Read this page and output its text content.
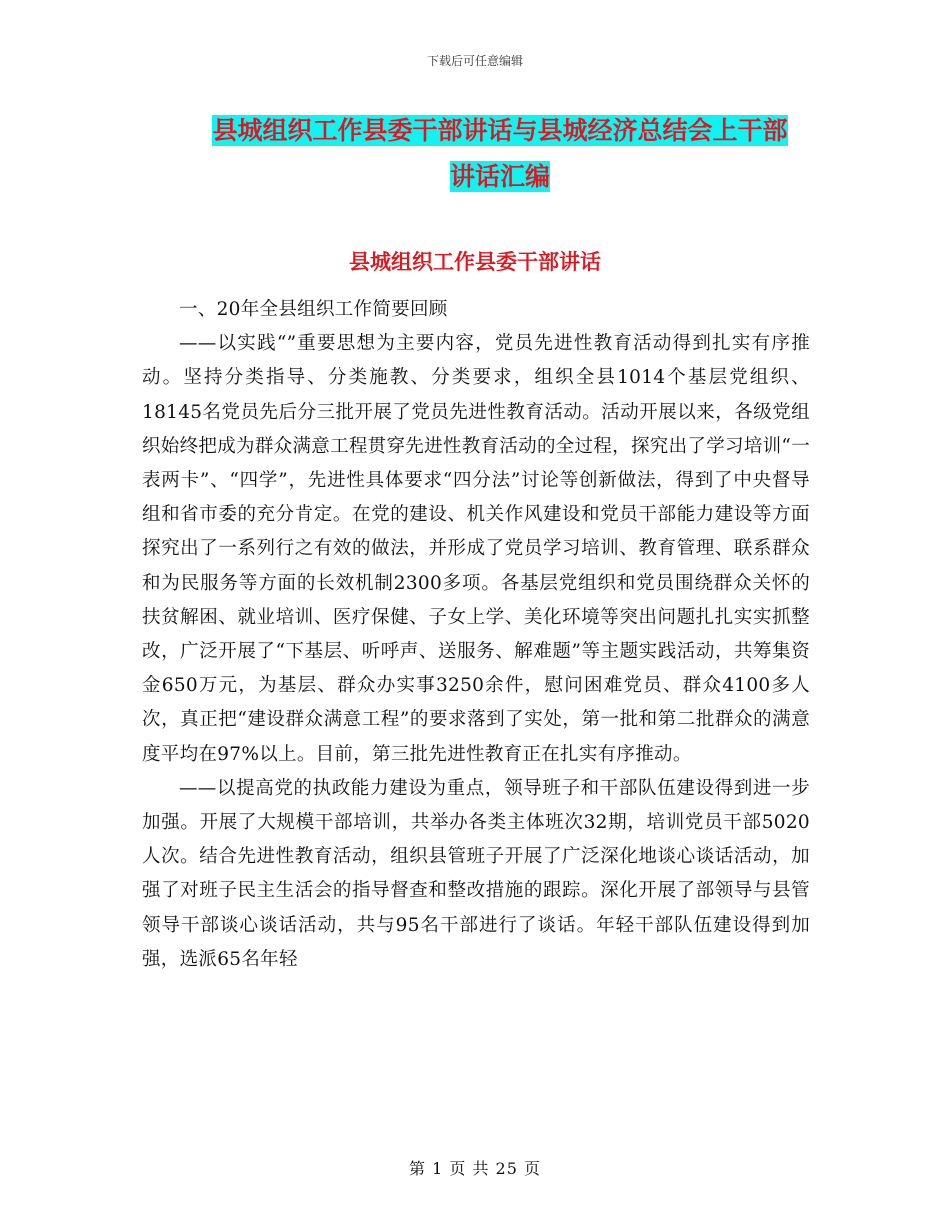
下载后可任意编辑
县城组织工作县委干部讲话与县城经济总结会上干部
讲话汇编
县城组织工作县委干部讲话

一、20年全县组织工作简要回顾

——以实践“”重要思想为主要内容，党员先进性教育活动得到扎实有序推动。坚持分类指导、分类施教、分类要求，组织全县1014个基层党组织、18145名党员先后分三批开展了党员先进性教育活动。活动开展以来，各级党组织始终把成为群众满意工程贯穿先进性教育活动的全过程，探究出了学习培训“一表两卡”、“四学”，先进性具体要求“四分法”讨论等创新做法，得到了中央督导组和省市委的充分肯定。在党的建设、机关作风建设和党员干部能力建设等方面探究出了一系列行之有效的做法，并形成了党员学习培训、教育管理、联系群众和为民服务等方面的长效机制2300多项。各基层党组织和党员围绕群众关怀的扶贫解困、就业培训、医疗保健、子女上学、美化环境等突出问题扎扎实实抓整改，广泛开展了“下基层、听呼声、送服务、解难题”等主题实践活动，共筹集资金650万元，为基层、群众办实事3250余件，慰问困难党员、群众4100多人次，真正把“建设群众满意工程”的要求落到了实处，第一批和第二批群众的满意度平均在97%以上。目前，第三批先进性教育正在扎实有序推动。

——以提高党的执政能力建设为重点，领导班子和干部队伍建设得到进一步加强。开展了大规模干部培训，共举办各类主体班次32期，培训党员干部5020人次。结合先进性教育活动，组织县管班子开展了广泛深化地谈心谈话活动，加强了对班子民主生活会的指导督查和整改措施的跟踪。深化开展了部领导与县管领导干部谈心谈话活动，共与95名干部进行了谈话。年轻干部队伍建设得到加强，选派65名年轻

第 1 页 共 25 页
